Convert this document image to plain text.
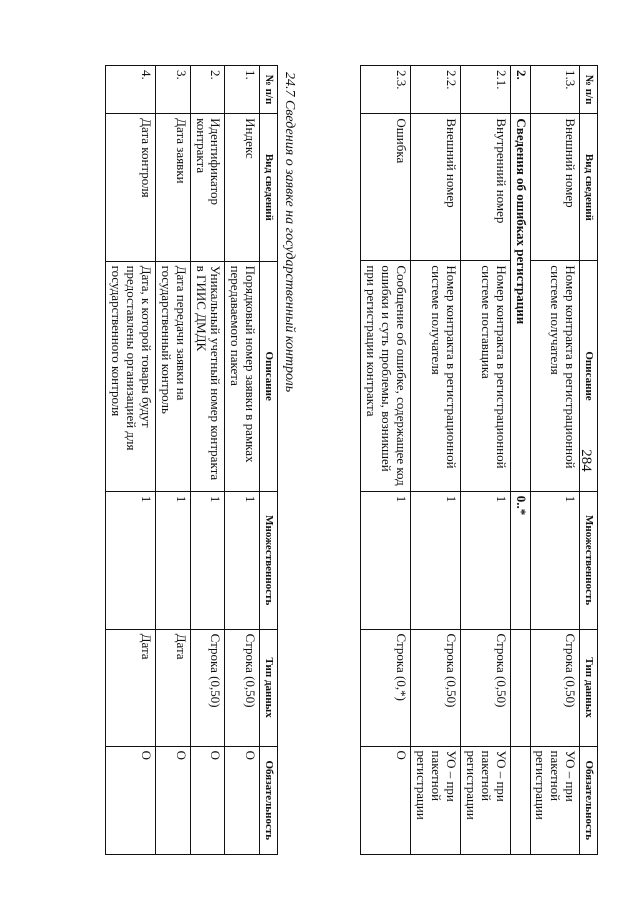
№ п/п	Вид сведений	Описание	Множественность	Тип данных	Обязательность
1.3.	Внешний номер	Номер контракта в регистрационной системе получателя	1	Строка (0,50)	УО – при пакетной регистрации
2.	Сведения об ошибках регистрации		0..*		
2.1.	Внутренний номер	Номер контракта в регистрационной системе поставщика	1	Строка (0,50)	УО – при пакетной регистрации
2.2.	Внешний номер	Номер контракта в регистрационной системе получателя	1	Строка (0,50)	УО – при пакетной регистрации
2.3.	Ошибка	Сообщение об ошибке, содержащее код ошибки и суть проблемы, возникшей при регистрации контракта	1	Строка (0,*)	О
24.7 Сведения о заявке на государственный контроль
№ п/п	Вид сведений	Описание	Множественность	Тип данных	Обязательность
1.	Индекс	Порядковый номер заявки в рамках передаваемого пакета	1	Строка (0,50)	О
2.	Идентификатор контракта	Уникальный учетный номер контракта в ГИИС ДМДК	1	Строка (0,50)	О
3.	Дата заявки	Дата передачи заявки на государственный контроль	1	Дата	О
4.	Дата контроля	Дата, к которой товары будут предоставлены организацией для государственного контроля	1	Дата	О
284
